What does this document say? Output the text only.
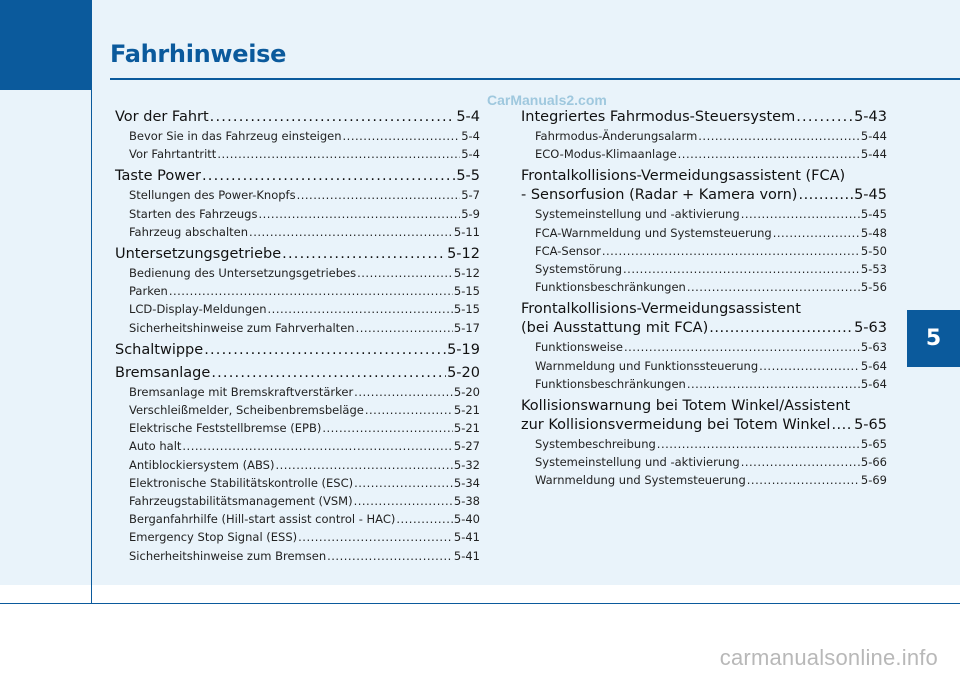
Fahrhinweise
CarManuals2.com
5
Vor der Fahrt .....	5-4
Bevor Sie in das Fahrzeug einsteigen .....	5-4
Vor Fahrtantritt .....	5-4
Taste Power .....	5-5
Stellungen des Power-Knopfs .....	5-7
Starten des Fahrzeugs .....	5-9
Fahrzeug abschalten .....	5-11
Untersetzungsgetriebe .....	5-12
Bedienung des Untersetzungsgetriebes .....	5-12
Parken .....	5-15
LCD-Display-Meldungen .....	5-15
Sicherheitshinweise zum Fahrverhalten .....	5-17
Schaltwippe .....	5-19
Bremsanlage .....	5-20
Bremsanlage mit Bremskraftverstärker .....	5-20
Verschleißmelder, Scheibenbremsbeläge .....	5-21
Elektrische Feststellbremse (EPB) .....	5-21
Auto halt .....	5-27
Antiblockiersystem (ABS) .....	5-32
Elektronische Stabilitätskontrolle (ESC) .....	5-34
Fahrzeugstabilitätsmanagement (VSM) .....	5-38
Berganfahrhilfe (Hill-start assist control - HAC) .....	5-40
Emergency Stop Signal (ESS) .....	5-41
Sicherheitshinweise zum Bremsen .....	5-41
Integriertes Fahrmodus-Steuersystem .....	5-43
Fahrmodus-Änderungsalarm .....	5-44
ECO-Modus-Klimaanlage .....	5-44
Frontalkollisions-Vermeidungsassistent (FCA)
- Sensorfusion (Radar + Kamera vorn) .....	5-45
Systemeinstellung und -aktivierung .....	5-45
FCA-Warnmeldung und Systemsteuerung .....	5-48
FCA-Sensor .....	5-50
Systemstörung .....	5-53
Funktionsbeschränkungen .....	5-56
Frontalkollisions-Vermeidungsassistent
(bei Ausstattung mit FCA) .....	5-63
Funktionsweise .....	5-63
Warnmeldung und Funktionssteuerung .....	5-64
Funktionsbeschränkungen .....	5-64
Kollisionswarnung bei Totem Winkel/Assistent
zur Kollisionsvermeidung bei Totem Winkel ..... 5-65
Systembeschreibung .....	5-65
Systemeinstellung und -aktivierung .....	5-66
Warnmeldung und Systemsteuerung .....	5-69
carmanualsonline.info
